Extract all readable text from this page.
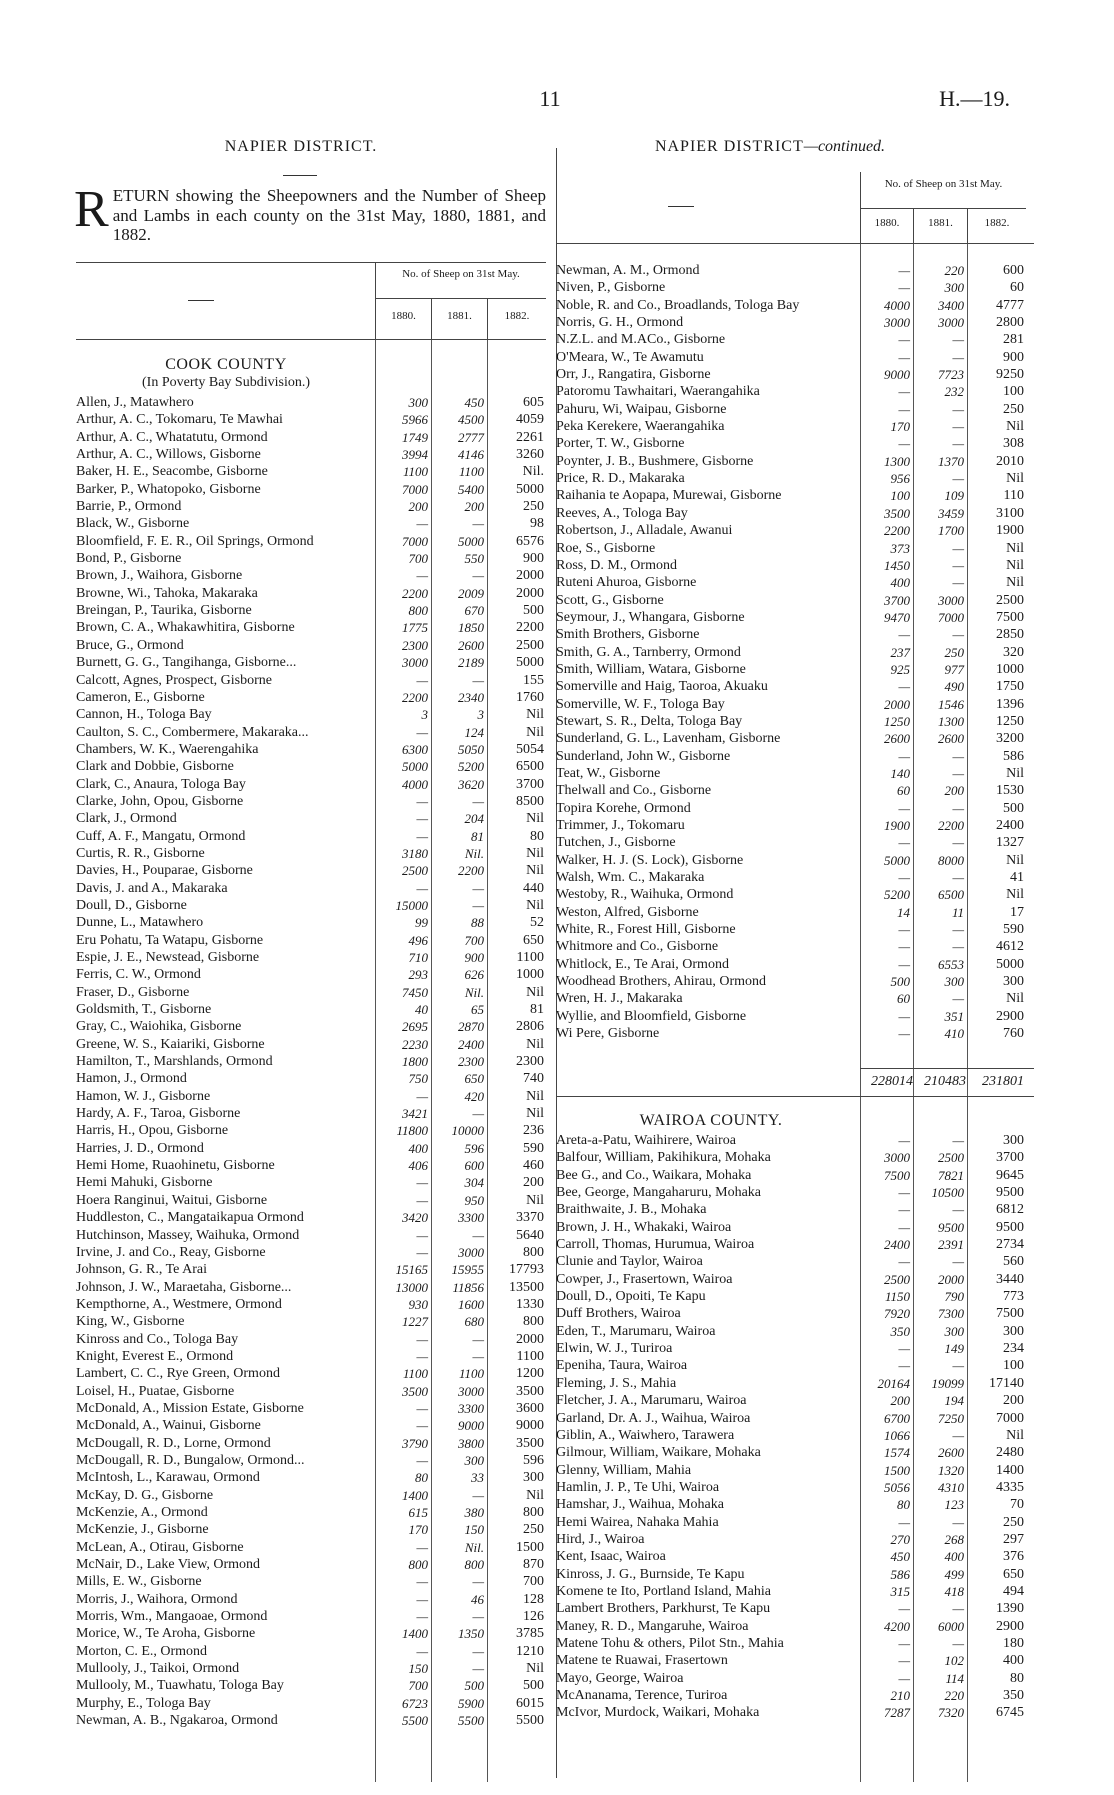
11	H.—19.
NAPIER DISTRICT.	NAPIER DISTRICT—continued.
RETURN showing the Sheepowners and the Number of Sheep and Lambs in each county on the 31st May, 1880, 1881, and 1882.
No. of Sheep on 31st May.
1880.	1881.	1882.
COOK COUNTY
(In Poverty Bay Subdivision.)
Allen, J., Matawhero	300	450	605
Arthur, A. C., Tokomaru, Te Mawhai	5966	4500	4059
Arthur, A. C., Whatatutu, Ormond	1749	2777	2261
Arthur, A. C., Willows, Gisborne	3994	4146	3260
Baker, H. E., Seacombe, Gisborne	1100	1100	Nil.
Barker, P., Whatopoko, Gisborne	7000	5400	5000
Barrie, P., Ormond	200	200	250
Black, W., Gisborne	—	—	98
Bloomfield, F. E. R., Oil Springs, Ormond	7000	5000	6576
Bond, P., Gisborne	700	550	900
Brown, J., Waihora, Gisborne	—	—	2000
Browne, Wi., Tahoka, Makaraka	2200	2009	2000
Breingan, P., Taurika, Gisborne	800	670	500
Brown, C. A., Whakawhitira, Gisborne	1775	1850	2200
Bruce, G., Ormond	2300	2600	2500
Burnett, G. G., Tangihanga, Gisborne...	3000	2189	5000
Calcott, Agnes, Prospect, Gisborne	—	—	155
Cameron, E., Gisborne	2200	2340	1760
Cannon, H., Tologa Bay	3	3	Nil
Caulton, S. C., Combermere, Makaraka...	—	124	Nil
Chambers, W. K., Waerengahika	6300	5050	5054
Clark and Dobbie, Gisborne	5000	5200	6500
Clark, C., Anaura, Tologa Bay	4000	3620	3700
Clarke, John, Opou, Gisborne	—	—	8500
Clark, J., Ormond	—	204	Nil
Cuff, A. F., Mangatu, Ormond	—	81	80
Curtis, R. R., Gisborne	3180	Nil.	Nil
Davies, H., Pouparae, Gisborne	2500	2200	Nil
Davis, J. and A., Makaraka	—	—	440
Doull, D., Gisborne	15000	—	Nil
Dunne, L., Matawhero	99	88	52
Eru Pohatu, Ta Watapu, Gisborne	496	700	650
Espie, J. E., Newstead, Gisborne	710	900	1100
Ferris, C. W., Ormond	293	626	1000
Fraser, D., Gisborne	7450	Nil.	Nil
Goldsmith, T., Gisborne	40	65	81
Gray, C., Waiohika, Gisborne	2695	2870	2806
Greene, W. S., Kaiariki, Gisborne	2230	2400	Nil
Hamilton, T., Marshlands, Ormond	1800	2300	2300
Hamon, J., Ormond	750	650	740
Hamon, W. J., Gisborne	—	420	Nil
Hardy, A. F., Taroa, Gisborne	3421	—	Nil
Harris, H., Opou, Gisborne	11800	10000	236
Harries, J. D., Ormond	400	596	590
Hemi Home, Ruaohinetu, Gisborne	406	600	460
Hemi Mahuki, Gisborne	—	304	200
Hoera Ranginui, Waitui, Gisborne	—	950	Nil
Huddleston, C., Mangataikapua Ormond	3420	3300	3370
Hutchinson, Massey, Waihuka, Ormond	—	—	5640
Irvine, J. and Co., Reay, Gisborne	—	3000	800
Johnson, G. R., Te Arai	15165	15955	17793
Johnson, J. W., Maraetaha, Gisborne...	13000	11856	13500
Kempthorne, A., Westmere, Ormond	930	1600	1330
King, W., Gisborne	1227	680	800
Kinross and Co., Tologa Bay	—	—	2000
Knight, Everest E., Ormond	—	—	1100
Lambert, C. C., Rye Green, Ormond	1100	1100	1200
Loisel, H., Puatae, Gisborne	3500	3000	3500
McDonald, A., Mission Estate, Gisborne	—	3300	3600
McDonald, A., Wainui, Gisborne	—	9000	9000
McDougall, R. D., Lorne, Ormond	3790	3800	3500
McDougall, R. D., Bungalow, Ormond...	—	300	596
McIntosh, L., Karawau, Ormond	80	33	300
McKay, D. G., Gisborne	1400	—	Nil
McKenzie, A., Ormond	615	380	800
McKenzie, J., Gisborne	170	150	250
McLean, A., Otirau, Gisborne	—	Nil.	1500
McNair, D., Lake View, Ormond	800	800	870
Mills, E. W., Gisborne	—	—	700
Morris, J., Waihora, Ormond	—	46	128
Morris, Wm., Mangaoae, Ormond	—	—	126
Morice, W., Te Aroha, Gisborne	1400	1350	3785
Morton, C. E., Ormond	—	—	1210
Mullooly, J., Taikoi, Ormond	150	—	Nil
Mullooly, M., Tuawhatu, Tologa Bay	700	500	500
Murphy, E., Tologa Bay	6723	5900	6015
Newman, A. B., Ngakaroa, Ormond	5500	5500	5500
No. of Sheep on 31st May.
1880.	1881.	1882.
Newman, A. M., Ormond	—	220	600
Niven, P., Gisborne	—	300	60
Noble, R. and Co., Broadlands, Tologa Bay	4000	3400	4777
Norris, G. H., Ormond	3000	3000	2800
N.Z.L. and M.ACo., Gisborne	—	—	281
O'Meara, W., Te Awamutu	—	—	900
Orr, J., Rangatira, Gisborne	9000	7723	9250
Patoromu Tawhaitari, Waerangahika	—	232	100
Pahuru, Wi, Waipau, Gisborne	—	—	250
Peka Kerekere, Waerangahika	170	—	Nil
Porter, T. W., Gisborne	—	—	308
Poynter, J. B., Bushmere, Gisborne	1300	1370	2010
Price, R. D., Makaraka	956	—	Nil
Raihania te Aopapa, Murewai, Gisborne	100	109	110
Reeves, A., Tologa Bay	3500	3459	3100
Robertson, J., Alladale, Awanui	2200	1700	1900
Roe, S., Gisborne	373	—	Nil
Ross, D. M., Ormond	1450	—	Nil
Ruteni Ahuroa, Gisborne	400	—	Nil
Scott, G., Gisborne	3700	3000	2500
Seymour, J., Whangara, Gisborne	9470	7000	7500
Smith Brothers, Gisborne	—	—	2850
Smith, G. A., Tarnberry, Ormond	237	250	320
Smith, William, Watara, Gisborne	925	977	1000
Somerville and Haig, Taoroa, Akuaku	—	490	1750
Somerville, W. F., Tologa Bay	2000	1546	1396
Stewart, S. R., Delta, Tologa Bay	1250	1300	1250
Sunderland, G. L., Lavenham, Gisborne	2600	2600	3200
Sunderland, John W., Gisborne	—	—	586
Teat, W., Gisborne	140	—	Nil
Thelwall and Co., Gisborne	60	200	1530
Topira Korehe, Ormond	—	—	500
Trimmer, J., Tokomaru	1900	2200	2400
Tutchen, J., Gisborne	—	—	1327
Walker, H. J. (S. Lock), Gisborne	5000	8000	Nil
Walsh, Wm. C., Makaraka	—	—	41
Westoby, R., Waihuka, Ormond	5200	6500	Nil
Weston, Alfred, Gisborne	14	11	17
White, R., Forest Hill, Gisborne	—	—	590
Whitmore and Co., Gisborne	—	—	4612
Whitlock, E., Te Arai, Ormond	—	6553	5000
Woodhead Brothers, Ahirau, Ormond	500	300	300
Wren, H. J., Makaraka	60	—	Nil
Wyllie, and Bloomfield, Gisborne	—	351	2900
Wi Pere, Gisborne	—	410	760
228014 210483	231801
WAIROA COUNTY.
Areta-a-Patu, Waihirere, Wairoa	—	—	300
Balfour, William, Pakihikura, Mohaka	3000	2500	3700
Bee G., and Co., Waikara, Mohaka	7500	7821	9645
Bee, George, Mangaharuru, Mohaka	—	10500	9500
Braithwaite, J. B., Mohaka	—	—	6812
Brown, J. H., Whakaki, Wairoa	—	9500	9500
Carroll, Thomas, Hurumua, Wairoa	2400	2391	2734
Clunie and Taylor, Wairoa	—	—	560
Cowper, J., Frasertown, Wairoa	2500	2000	3440
Doull, D., Opoiti, Te Kapu	1150	790	773
Duff Brothers, Wairoa	7920	7300	7500
Eden, T., Marumaru, Wairoa	350	300	300
Elwin, W. J., Turiroa	—	149	234
Epeniha, Taura, Wairoa	—	—	100
Fleming, J. S., Mahia	20164	19099	17140
Fletcher, J. A., Marumaru, Wairoa	200	194	200
Garland, Dr. A. J., Waihua, Wairoa	6700	7250	7000
Giblin, A., Waiwhero, Tarawera	1066	—	Nil
Gilmour, William, Waikare, Mohaka	1574	2600	2480
Glenny, William, Mahia	1500	1320	1400
Hamlin, J. P., Te Uhi, Wairoa	5056	4310	4335
Hamshar, J., Waihua, Mohaka	80	123	70
Hemi Wairea, Nahaka Mahia	—	—	250
Hird, J., Wairoa	270	268	297
Kent, Isaac, Wairoa	450	400	376
Kinross, J. G., Burnside, Te Kapu	586	499	650
Komene te Ito, Portland Island, Mahia	315	418	494
Lambert Brothers, Parkhurst, Te Kapu	—	—	1390
Maney, R. D., Mangaruhe, Wairoa	4200	6000	2900
Matene Tohu & others, Pilot Stn., Mahia	—	—	180
Matene te Ruawai, Frasertown	—	102	400
Mayo, George, Wairoa	—	114	80
McAnanama, Terence, Turiroa	210	220	350
McIvor, Murdock, Waikari, Mohaka	7287	7320	6745
